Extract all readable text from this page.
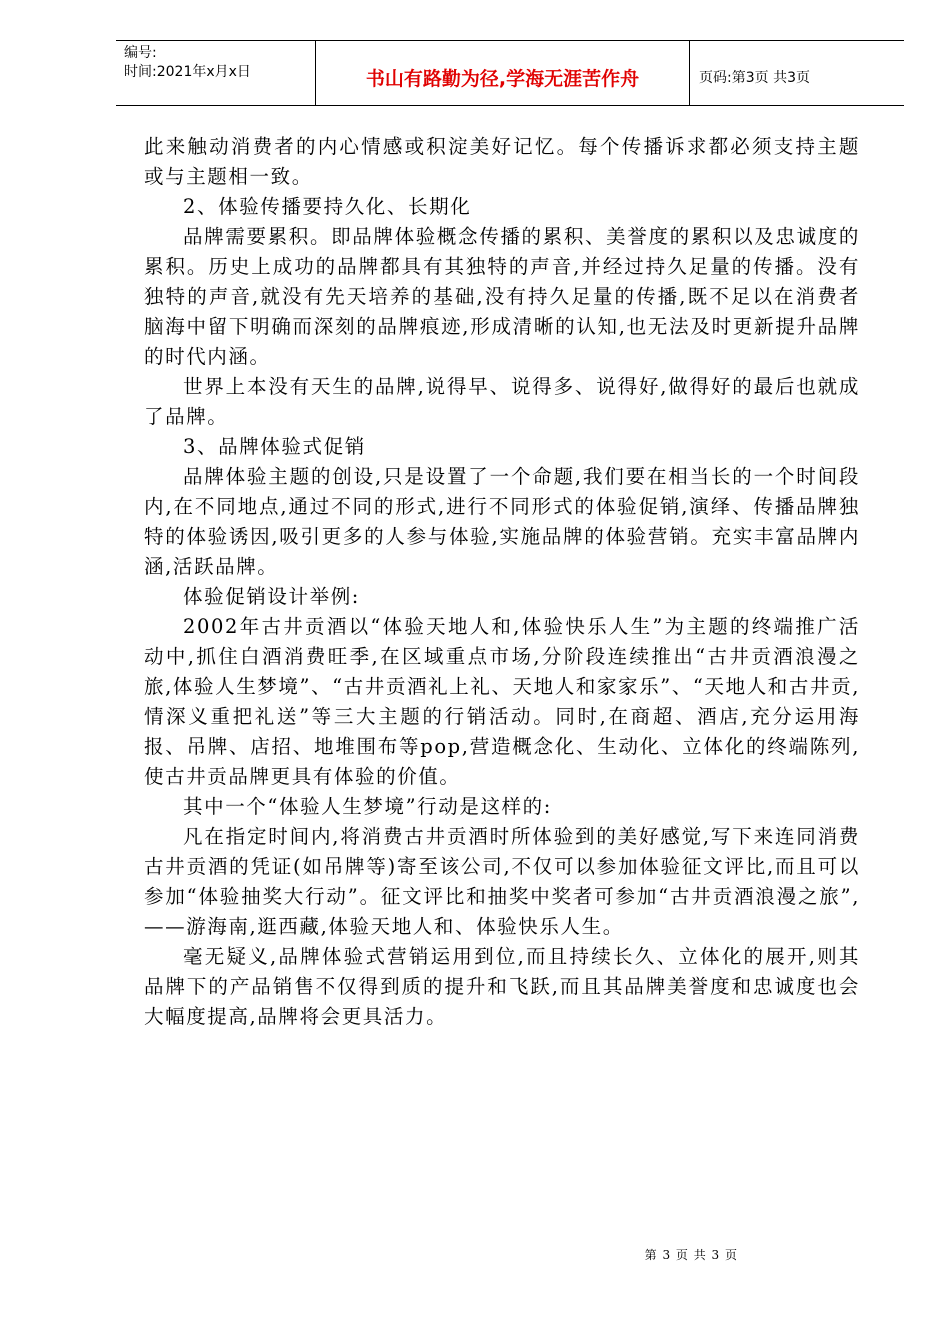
编号:
时间:2021年x月x日	书山有路勤为径,学海无涯苦作舟	页码:第3页 共3页

此来触动消费者的内心情感或积淀美好记忆。每个传播诉求都必须支持主题或与主题相一致。

2、体验传播要持久化、长期化

品牌需要累积。即品牌体验概念传播的累积、美誉度的累积以及忠诚度的累积。历史上成功的品牌都具有其独特的声音,并经过持久足量的传播。没有独特的声音,就没有先天培养的基础,没有持久足量的传播,既不足以在消费者脑海中留下明确而深刻的品牌痕迹,形成清晰的认知,也无法及时更新提升品牌的时代内涵。

世界上本没有天生的品牌,说得早、说得多、说得好,做得好的最后也就成了品牌。

3、品牌体验式促销

品牌体验主题的创设,只是设置了一个命题,我们要在相当长的一个时间段内,在不同地点,通过不同的形式,进行不同形式的体验促销,演绎、传播品牌独特的体验诱因,吸引更多的人参与体验,实施品牌的体验营销。充实丰富品牌内涵,活跃品牌。

体验促销设计举例:

2002年古井贡酒以“体验天地人和,体验快乐人生”为主题的终端推广活动中,抓住白酒消费旺季,在区域重点市场,分阶段连续推出“古井贡酒浪漫之旅,体验人生梦境”、“古井贡酒礼上礼、天地人和家家乐”、“天地人和古井贡,情深义重把礼送”等三大主题的行销活动。同时,在商超、酒店,充分运用海报、吊牌、店招、地堆围布等pop,营造概念化、生动化、立体化的终端陈列,使古井贡品牌更具有体验的价值。

其中一个“体验人生梦境”行动是这样的:

凡在指定时间内,将消费古井贡酒时所体验到的美好感觉,写下来连同消费古井贡酒的凭证(如吊牌等)寄至该公司,不仅可以参加体验征文评比,而且可以参加“体验抽奖大行动”。征文评比和抽奖中奖者可参加“古井贡酒浪漫之旅”,——游海南,逛西藏,体验天地人和、体验快乐人生。

毫无疑义,品牌体验式营销运用到位,而且持续长久、立体化的展开,则其品牌下的产品销售不仅得到质的提升和飞跃,而且其品牌美誉度和忠诚度也会大幅度提高,品牌将会更具活力。

第 3 页 共 3 页
